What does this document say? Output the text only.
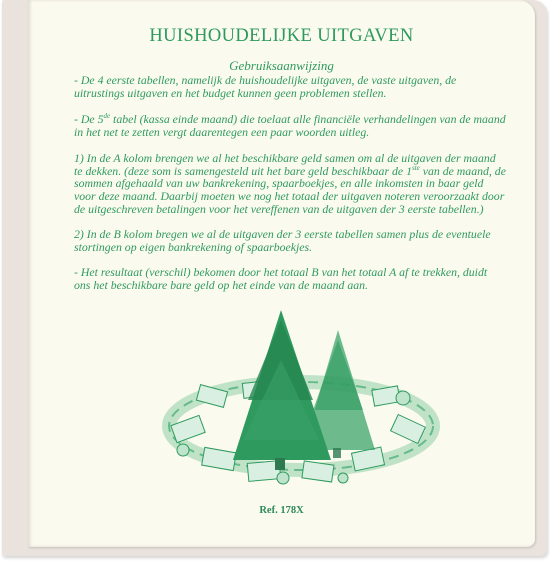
HUISHOUDELIJKE UITGAVEN
Gebruiksaanwijzing
- De 4 eerste tabellen, namelijk de huishoudelijke uitgaven, de vaste uitgaven, de uitrustings uitgaven en het budget kunnen geen problemen stellen.
- De 5de tabel (kassa einde maand) die toelaat alle financiële verhandelingen van de maand in het net te zetten vergt daarentegen een paar woorden uitleg.
1) In de A kolom brengen we al het beschikbare geld samen om al de uitgaven der maand te dekken. (deze som is samengesteld uit het bare geld beschikbaar de 1ste van de maand, de sommen afgehaald van uw bankrekening, spaarboekjes, en alle inkomsten in baar geld voor deze maand. Daarbij moeten we nog het totaal der uitgaven noteren veroorzaakt door de uitgeschreven betalingen voor het vereffenen van de uitgaven der 3 eerste tabellen.)
2) In de B kolom bregen we al de uitgaven der 3 eerste tabellen samen plus de eventuele stortingen op eigen bankrekening of spaarboekjes.
- Het resultaat (verschil) bekomen door het totaal B van het totaal A af te trekken, duidt ons het beschikbare bare geld op het einde van de maand aan.
Ref. 178X
